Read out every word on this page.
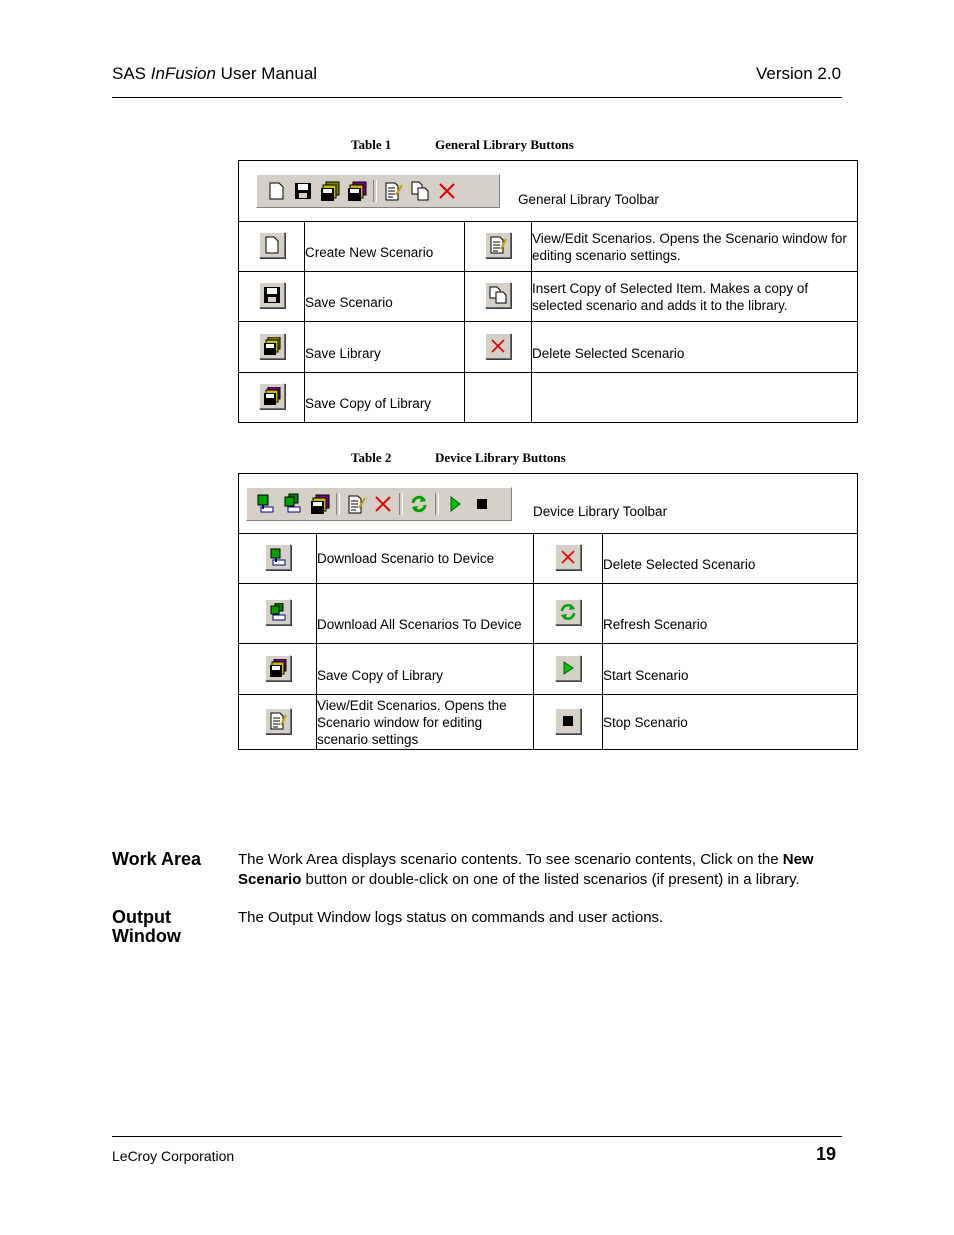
SAS InFusion User Manual	Version 2.0
Table 1	General Library Buttons
General Library Toolbar			

	Create New Scenario		View/Edit Scenarios. Opens the Scenario window for editing scenario settings.

	Save Scenario		Insert Copy of Selected Item. Makes a copy of selected scenario and adds it to the library.

	Save Library		Delete Selected Scenario

	Save Copy of Library		
Table 2	Device Library Buttons
Device Library Toolbar			

	Download Scenario to Device		Delete Selected Scenario

	Download All Scenarios To Device		Refresh Scenario

	Save Copy of Library		Start Scenario

	View/Edit Scenarios. Opens the Scenario window for editing scenario settings		Stop Scenario
Work Area The Work Area displays scenario contents. To see scenario contents, Click on the New Scenario button or double-click on one of the listed scenarios (if present) in a library.
Output
Window
The Output Window logs status on commands and user actions.
LeCroy Corporation	19
